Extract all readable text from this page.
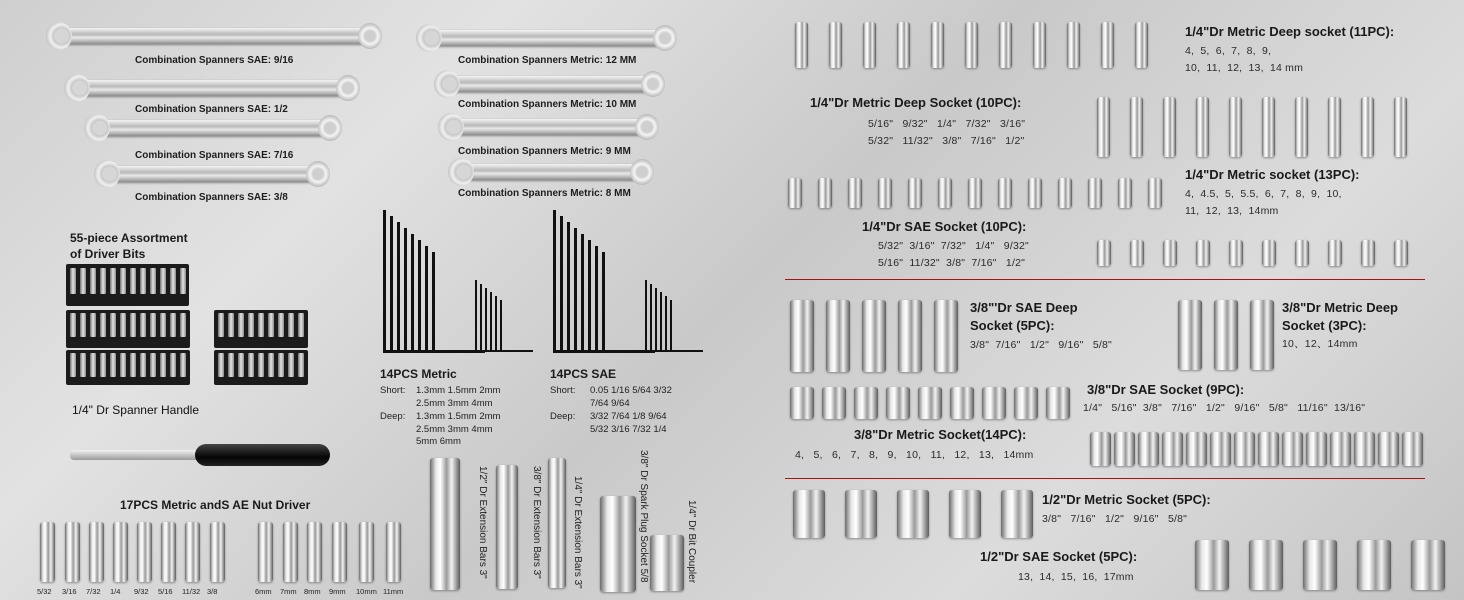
Combination Spanners SAE: 9/16
Combination Spanners SAE: 1/2
Combination Spanners SAE: 7/16
Combination Spanners SAE: 3/8
Combination Spanners Metric: 12 MM
Combination Spanners Metric: 10 MM
Combination Spanners Metric: 9 MM
Combination Spanners Metric: 8 MM
55-piece Assortment
of Driver Bits
14PCS Metric
Short: 1.3mm 1.5mm 2mm
2.5mm 3mm 4mm
Deep: 1.3mm 1.5mm 2mm
2.5mm 3mm 4mm
5mm 6mm
14PCS SAE
Short: 0.05 1/16 5/64 3/32
7/64 9/64
Deep: 3/32 7/64 1/8 9/64
5/32 3/16 7/32 1/4
1/4" Dr Spanner Handle
17PCS Metric andS AE Nut Driver
5/32 3/16 7/32 1/4 9/32 5/16 11/32 3/8	6mm 7mm 8mm 9mm 10mm 11mm
1/2" Dr Extension Bars 3"	3/8" Dr Extension Bars 3"	1/4" Dr Extension Bars 3"	3/8" Dr Spark Plug Socket 5/8	1/4" Dr Bit Coupler
1/4"Dr Metric Deep socket (11PC):
4,  5,  6,  7,  8,  9,
10,  11,  12,  13,  14 mm
1/4"Dr Metric Deep Socket (10PC):
5/16"   9/32"   1/4"   7/32"   3/16"
5/32"   11/32"   3/8"   7/16"   1/2"
1/4"Dr Metric socket (13PC):
4,  4.5,  5,  5.5,  6,  7,  8,  9,  10,
11,  12,  13,  14mm
1/4"Dr SAE Socket (10PC):
5/32"  3/16"  7/32"   1/4"   9/32"
5/16"  11/32"  3/8"  7/16"   1/2"
3/8"'Dr SAE Deep
Socket (5PC):
3/8"  7/16"   1/2"   9/16"   5/8"
3/8"Dr Metric Deep
Socket (3PC):
10、12、14mm
3/8"Dr SAE Socket (9PC):
1/4"   5/16"  3/8"   7/16"   1/2"   9/16"   5/8"   11/16"  13/16"
3/8"Dr Metric Socket(14PC):
4,   5,   6,   7,   8,   9,   10,   11,   12,   13,   14mm
1/2"Dr Metric Socket (5PC):
3/8"   7/16"   1/2"   9/16"   5/8"
1/2"Dr SAE Socket (5PC):
13,  14,  15,  16,  17mm
